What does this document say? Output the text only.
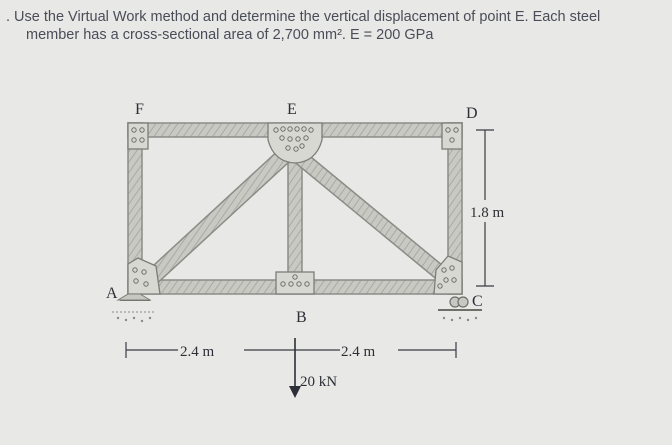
. Use the Virtual Work method and determine the vertical displacement of point E. Each steel
member has a cross-sectional area of 2,700 mm². E = 200 GPa
F	E	D
A
B
C
1.8 m
2.4 m	2.4 m
20 kN
